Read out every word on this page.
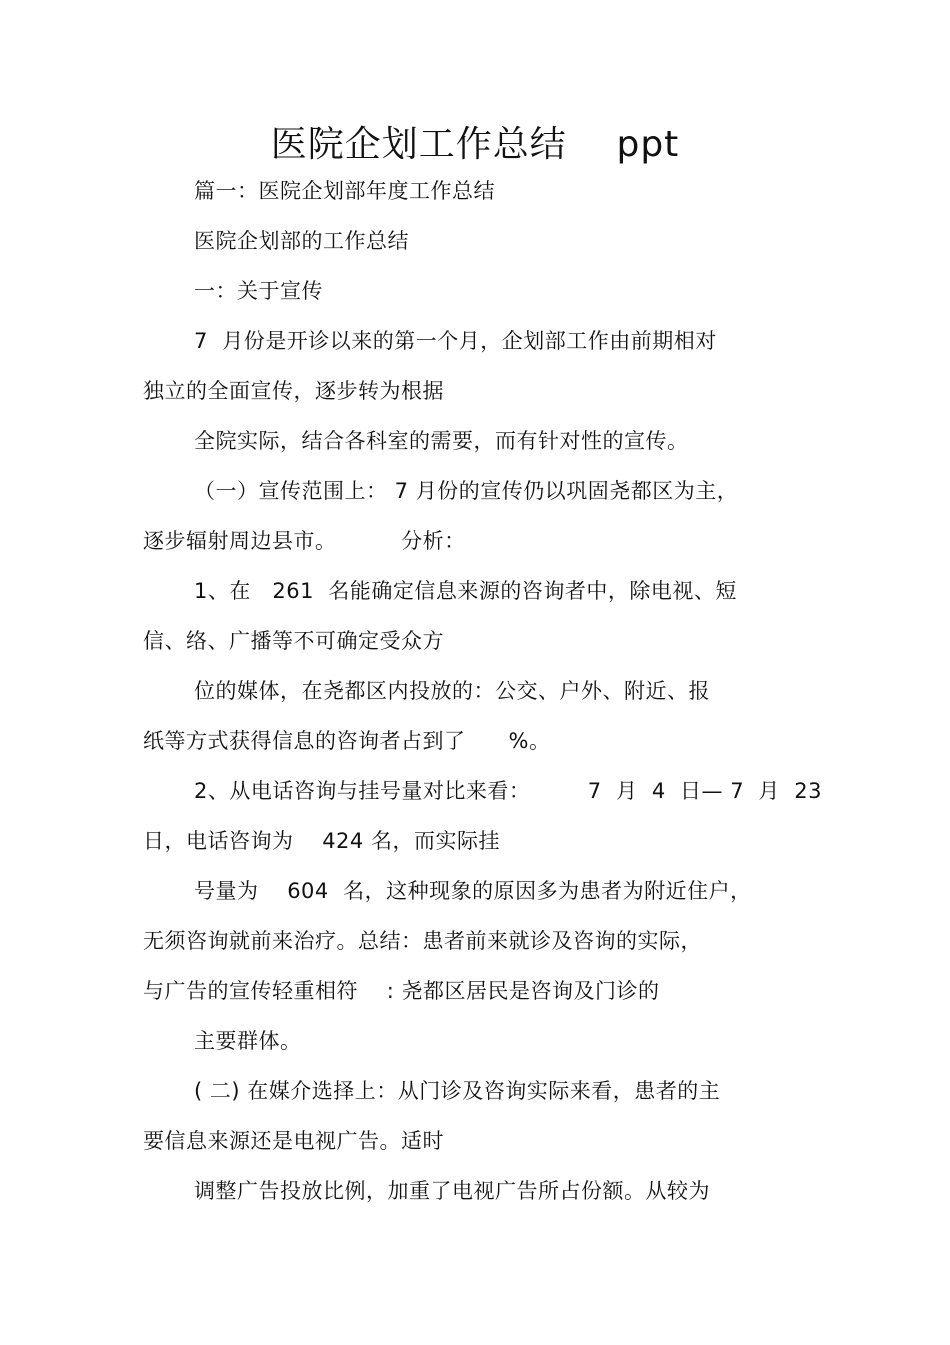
医院企划工作总结    ppt
篇一：医院企划部年度工作总结
医院企划部的工作总结
一：关于宣传
7  月份是开诊以来的第一个月，企划部工作由前期相对
独立的全面宣传，逐步转为根据
全院实际，结合各科室的需要，而有针对性的宣传。
（一）宣传范围上： 7 月份的宣传仍以巩固尧都区为主，
逐步辐射周边县市。         分析：
1、在   261  名能确定信息来源的咨询者中，除电视、短
信、络、广播等不可确定受众方
位的媒体，在尧都区内投放的：公交、户外、附近、报
纸等方式获得信息的咨询者占到了      %。
2、从电话咨询与挂号量对比来看：        7  月  4  日— 7  月  23
日，电话咨询为    424 名，而实际挂
号量为    604  名，这种现象的原因多为患者为附近住户，
无须咨询就前来治疗。总结：患者前来就诊及咨询的实际，
与广告的宣传轻重相符    : 尧都区居民是咨询及门诊的
主要群体。
( 二) 在媒介选择上：从门诊及咨询实际来看，患者的主
要信息来源还是电视广告。适时
调整广告投放比例，加重了电视广告所占份额。从较为
